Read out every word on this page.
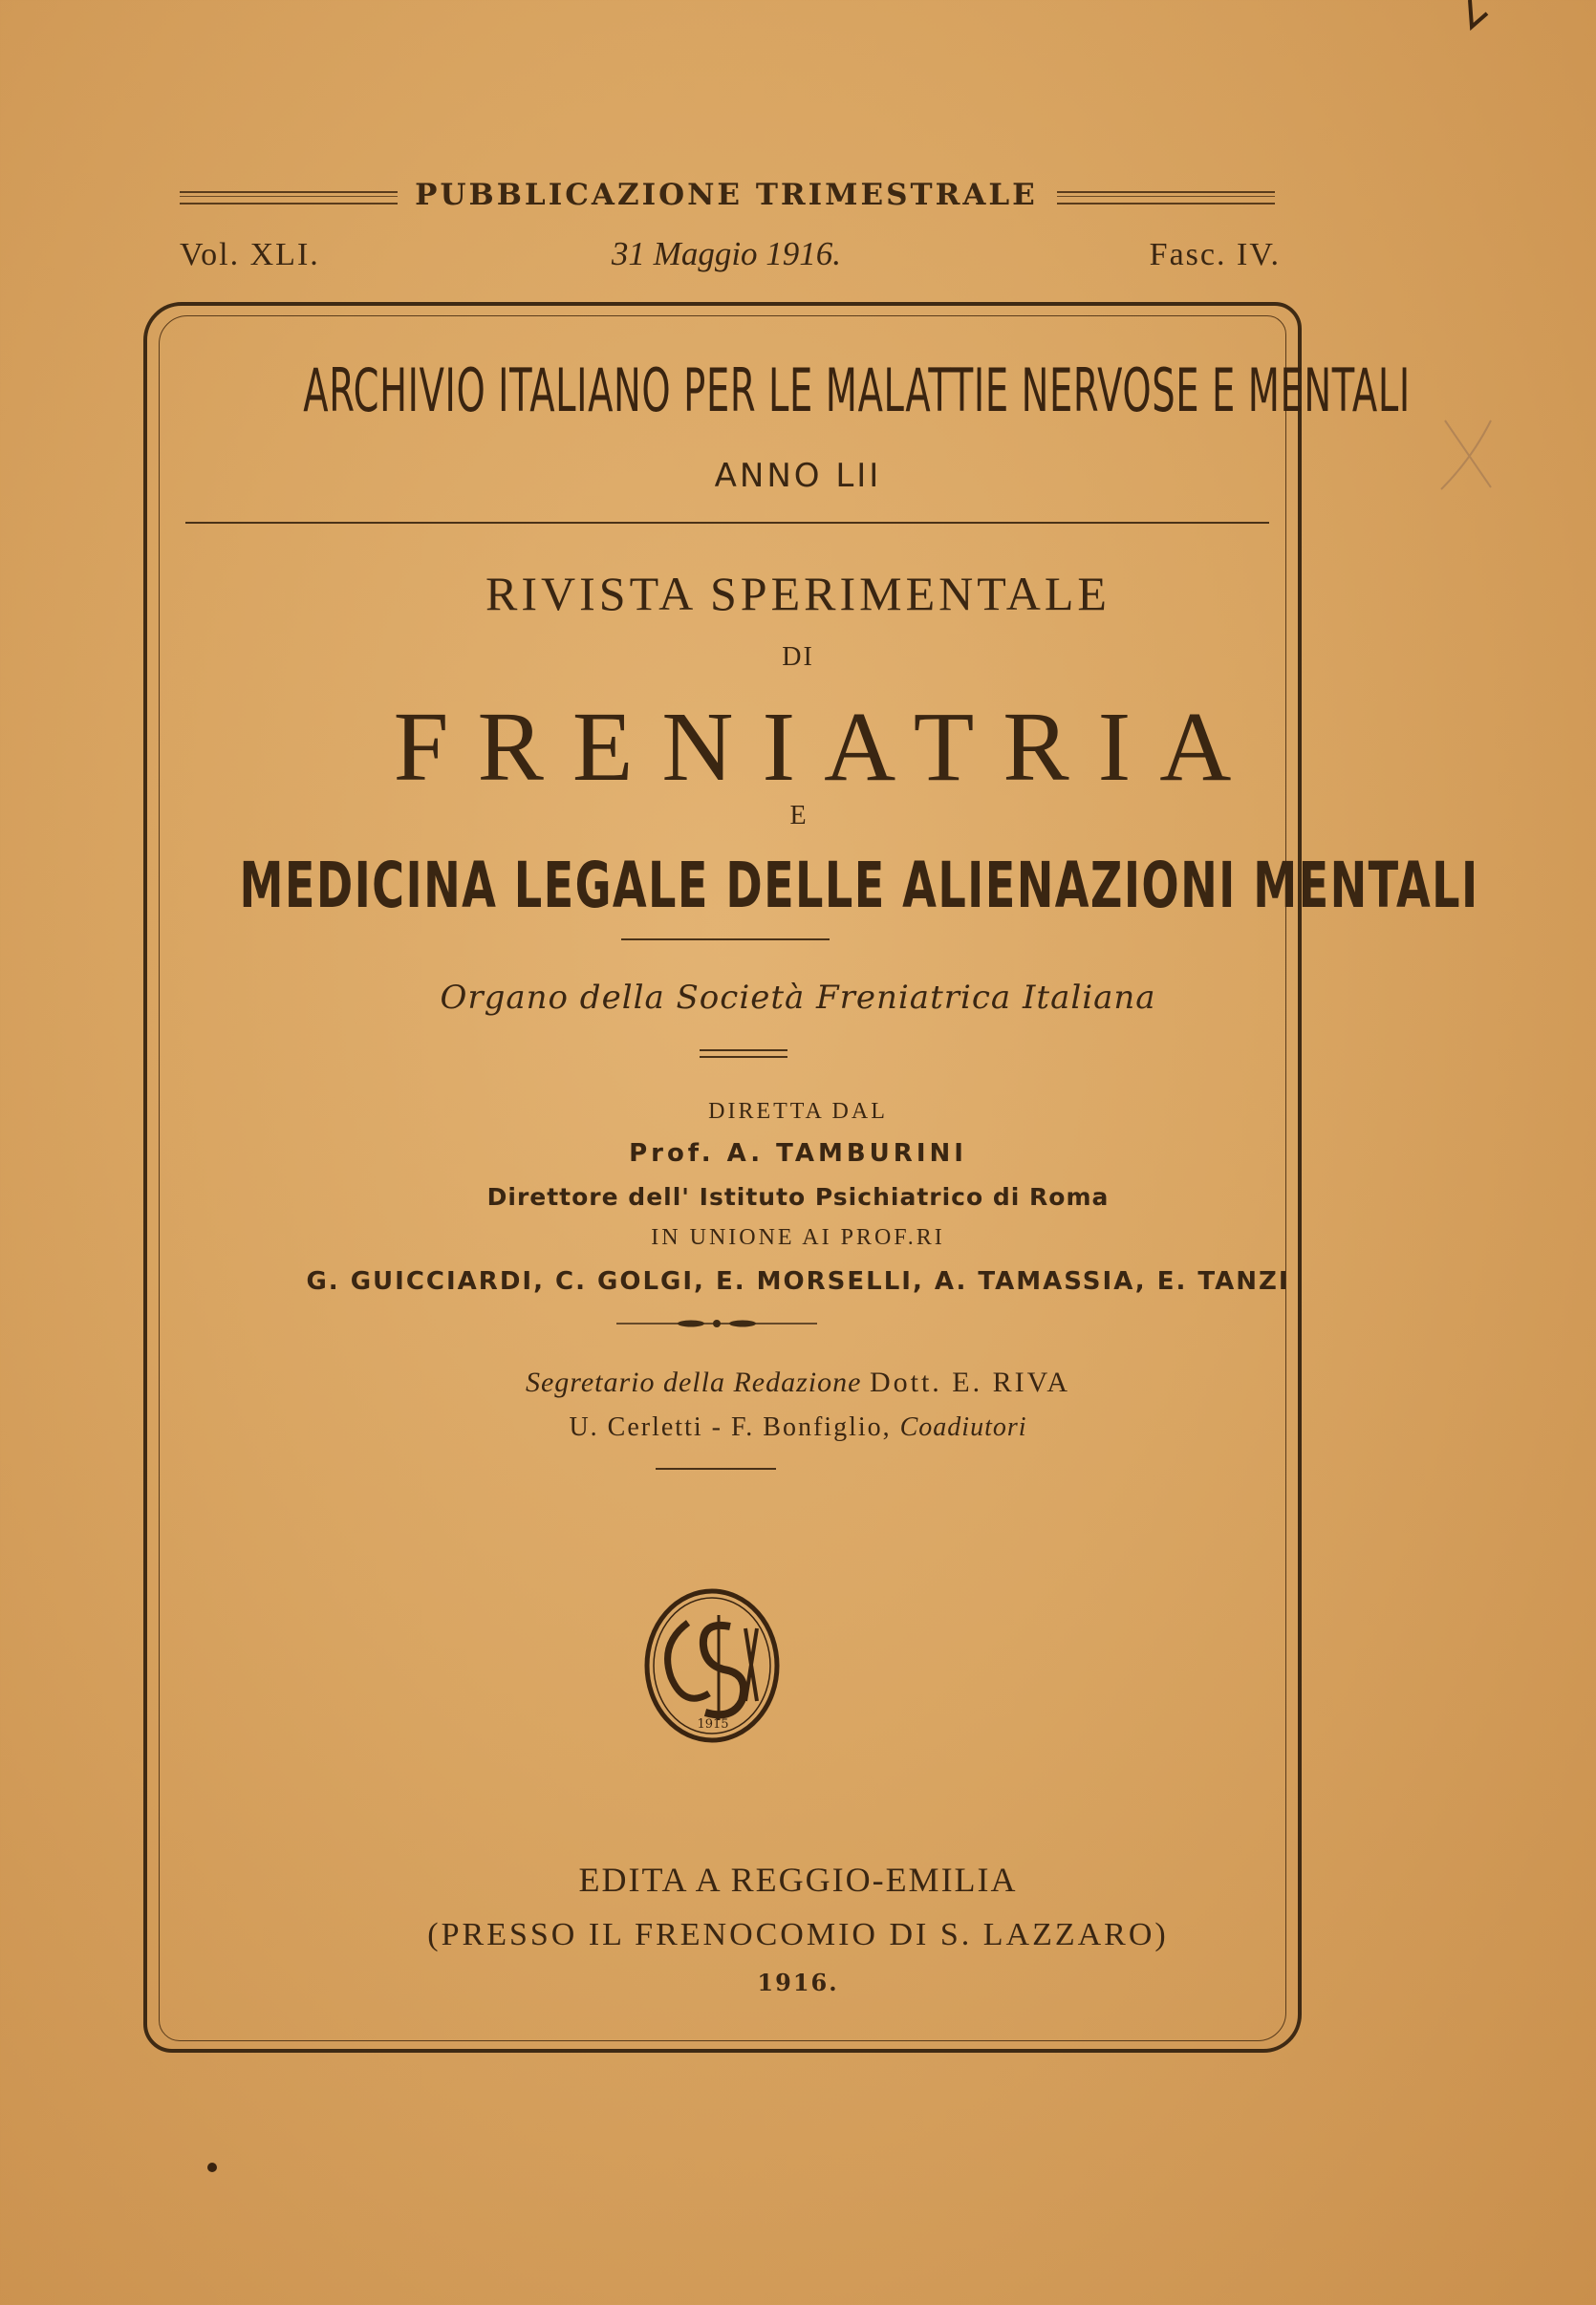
PUBBLICAZIONE TRIMESTRALE
Vol. XLI.	31 Maggio 1916.	Fasc. IV.
ARCHIVIO ITALIANO PER LE MALATTIE NERVOSE E MENTALI
ANNO LII
RIVISTA SPERIMENTALE
DI
FRENIATRIA
E
MEDICINA LEGALE DELLE ALIENAZIONI MENTALI
Organo della Società Freniatrica Italiana
DIRETTA DAL
Prof. A. TAMBURINI
Direttore dell' Istituto Psichiatrico di Roma
IN UNIONE AI PROF.RI
G. GUICCIARDI, C. GOLGI, E. MORSELLI, A. TAMASSIA, E. TANZI
Segretario della Redazione Dott. E. RIVA
U. Cerletti - F. Bonfiglio, Coadiutori
1915
EDITA A REGGIO-EMILIA
(PRESSO IL FRENOCOMIO DI S. LAZZARO)
1916.
